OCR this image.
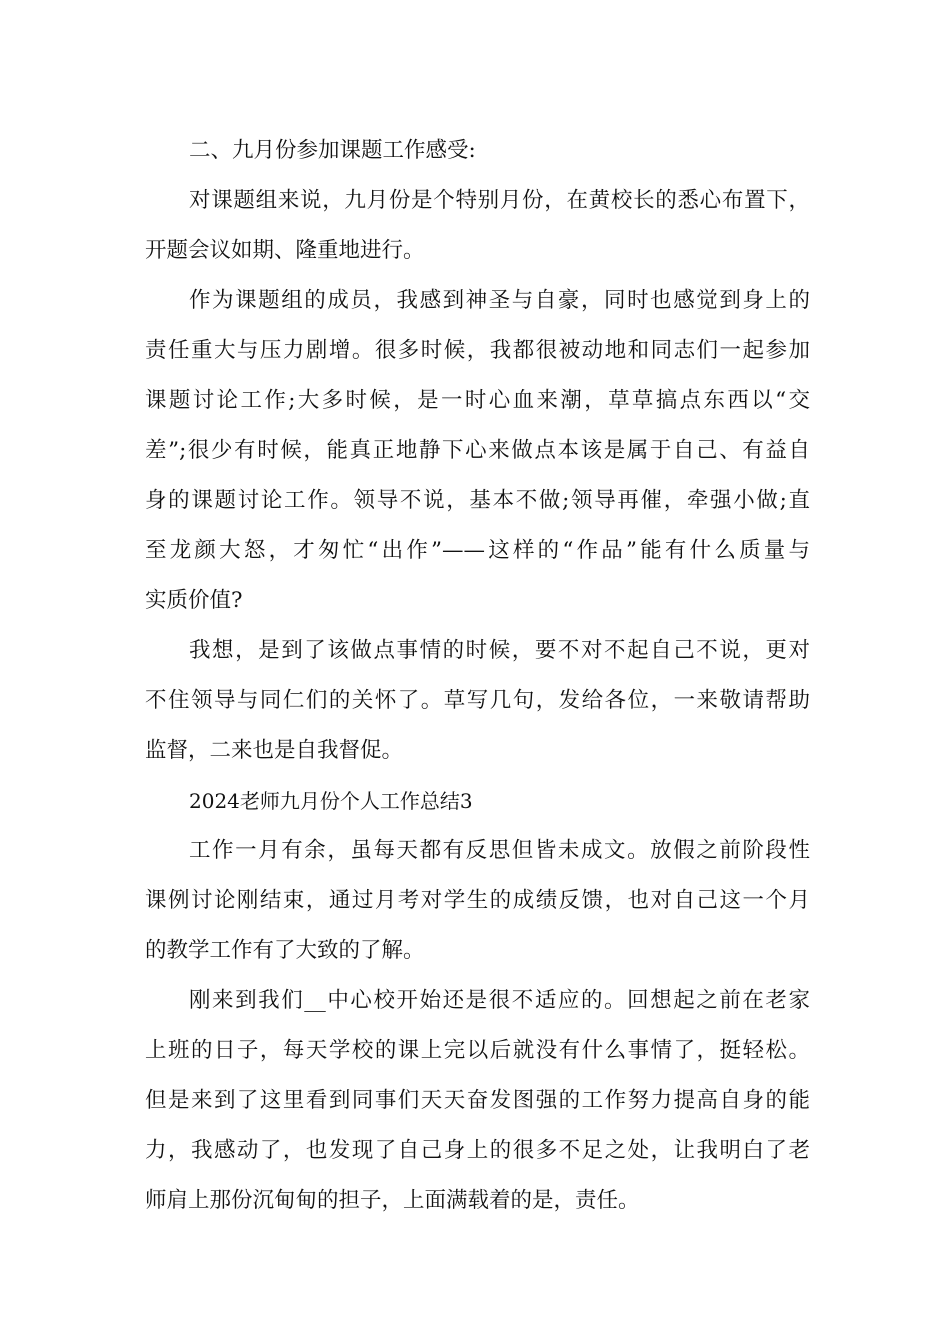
二、九月份参加课题工作感受:
对课题组来说，九月份是个特别月份，在黄校长的悉心布置下，
开题会议如期、隆重地进行。
作为课题组的成员，我感到神圣与自豪，同时也感觉到身上的
责任重大与压力剧增。很多时候，我都很被动地和同志们一起参加
课题讨论工作;大多时候，是一时心血来潮，草草搞点东西以“交
差”;很少有时候，能真正地静下心来做点本该是属于自己、有益自
身的课题讨论工作。领导不说，基本不做;领导再催，牵强小做;直
至龙颜大怒，才匆忙“出作”——这样的“作品”能有什么质量与
实质价值?
我想，是到了该做点事情的时候，要不对不起自己不说，更对
不住领导与同仁们的关怀了。草写几句，发给各位，一来敬请帮助
监督，二来也是自我督促。
2024老师九月份个人工作总结3
工作一月有余，虽每天都有反思但皆未成文。放假之前阶段性
课例讨论刚结束，通过月考对学生的成绩反馈，也对自己这一个月
的教学工作有了大致的了解。
刚来到我们__中心校开始还是很不适应的。回想起之前在老家
上班的日子，每天学校的课上完以后就没有什么事情了，挺轻松。
但是来到了这里看到同事们天天奋发图强的工作努力提高自身的能
力，我感动了，也发现了自己身上的很多不足之处，让我明白了老
师肩上那份沉甸甸的担子，上面满载着的是，责任。
